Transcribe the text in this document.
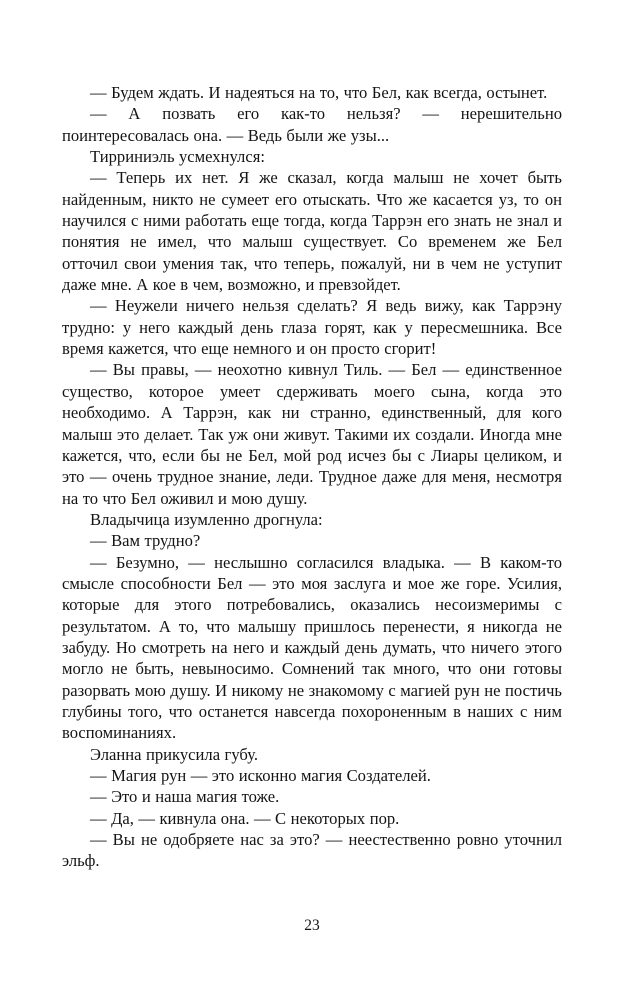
— Будем ждать. И надеяться на то, что Бел, как всегда, остынет.

— А позвать его как-то нельзя? — нерешительно поинтересовалась она. — Ведь были же узы...

Тирриниэль усмехнулся:

— Теперь их нет. Я же сказал, когда малыш не хочет быть найденным, никто не сумеет его отыскать. Что же касается уз, то он научился с ними работать еще тогда, когда Таррэн его знать не знал и понятия не имел, что малыш существует. Со временем же Бел отточил свои умения так, что теперь, пожалуй, ни в чем не уступит даже мне. А кое в чем, возможно, и превзойдет.

— Неужели ничего нельзя сделать? Я ведь вижу, как Таррэну трудно: у него каждый день глаза горят, как у пересмешника. Все время кажется, что еще немного и он просто сгорит!

— Вы правы, — неохотно кивнул Тиль. — Бел — единственное существо, которое умеет сдерживать моего сына, когда это необходимо. А Таррэн, как ни странно, единственный, для кого малыш это делает. Так уж они живут. Такими их создали. Иногда мне кажется, что, если бы не Бел, мой род исчез бы с Лиары целиком, и это — очень трудное знание, леди. Трудное даже для меня, несмотря на то что Бел оживил и мою душу.

Владычица изумленно дрогнула:

— Вам трудно?

— Безумно, — неслышно согласился владыка. — В каком-то смысле способности Бел — это моя заслуга и мое же горе. Усилия, которые для этого потребовались, оказались несоизмеримы с результатом. А то, что малышу пришлось перенести, я никогда не забуду. Но смотреть на него и каждый день думать, что ничего этого могло не быть, невыносимо. Сомнений так много, что они готовы разорвать мою душу. И никому не знакомому с магией рун не постичь глубины того, что останется навсегда похороненным в наших с ним воспоминаниях.

Эланна прикусила губу.

— Магия рун — это исконно магия Создателей.

— Это и наша магия тоже.

— Да, — кивнула она. — С некоторых пор.

— Вы не одобряете нас за это? — неестественно ровно уточнил эльф.

23
